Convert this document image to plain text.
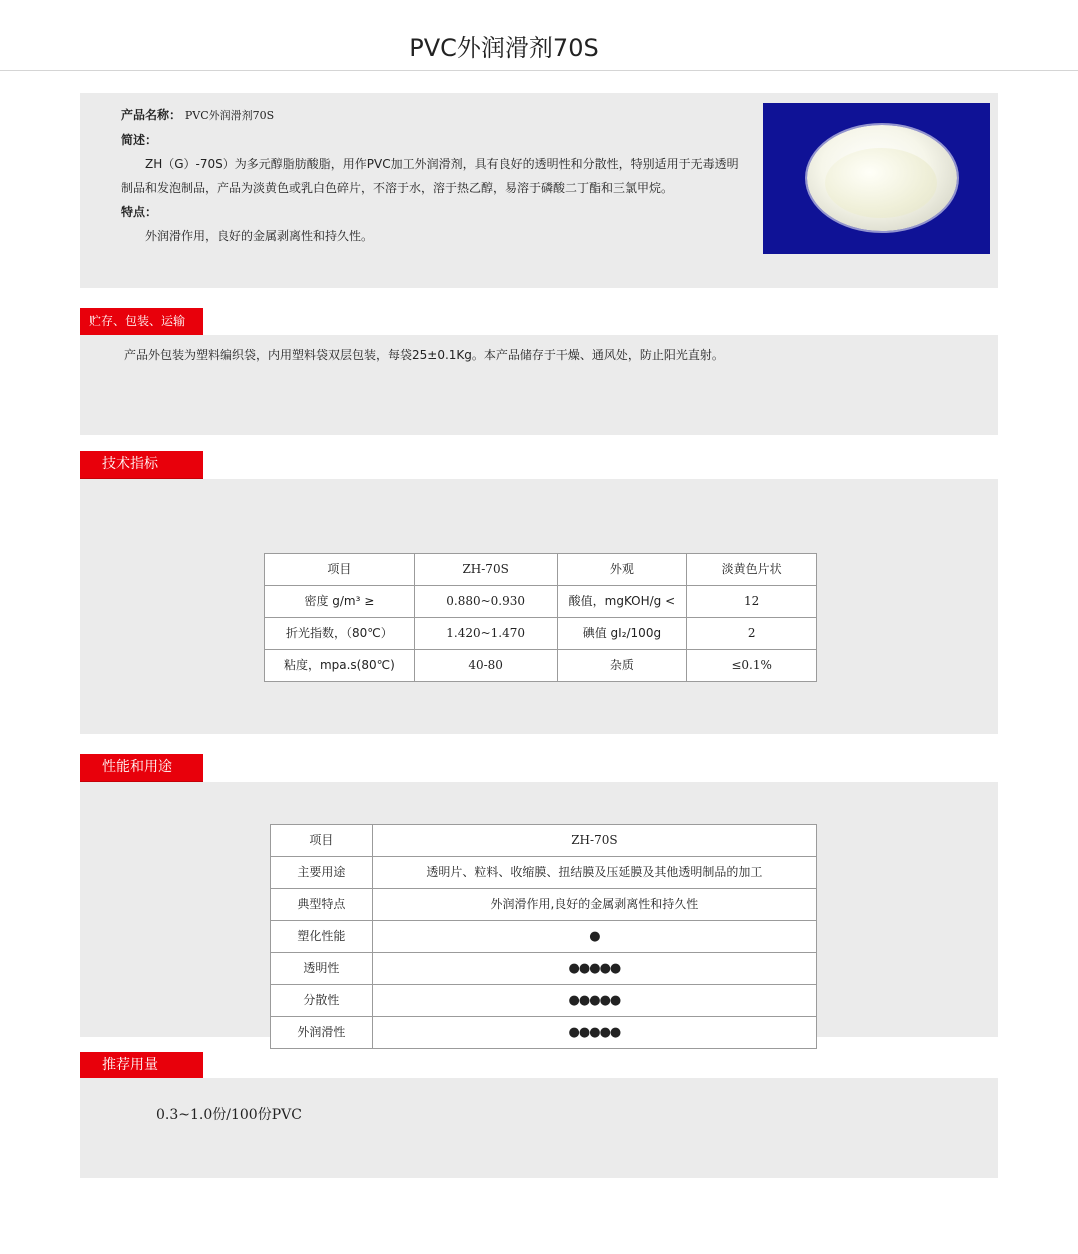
PVC外润滑剂70S

产品名称： PVC外润滑剂70S

简述：

ZH（G）-70S）为多元醇脂肪酸脂，用作PVC加工外润滑剂，具有良好的透明性和分散性，特别适用于无毒透明制品和发泡制品，产品为淡黄色或乳白色碎片，不溶于水，溶于热乙醇，易溶于磷酸二丁酯和三氯甲烷。

特点：

外润滑作用，良好的金属剥离性和持久性。

贮存、包装、运输
产品外包装为塑料编织袋，内用塑料袋双层包装，每袋25±0.1Kg。本产品储存于干燥、通风处，防止阳光直射。
技术指标
项目	ZH-70S	外观	淡黄色片状
密度 g/m³ ≥	0.880~0.930	酸值，mgKOH/g <	12
折光指数，（80℃）	1.420~1.470	碘值 gI₂/100g	2
粘度，mpa.s(80℃)	40-80	杂质	≤0.1%
性能和用途
项目	ZH-70S
主要用途	透明片、粒料、收缩膜、扭结膜及压延膜及其他透明制品的加工
典型特点	外润滑作用,良好的金属剥离性和持久性
塑化性能	●
透明性	●●●●●
分散性	●●●●●
外润滑性	●●●●●
推荐用量
0.3~1.0份/100份PVC
